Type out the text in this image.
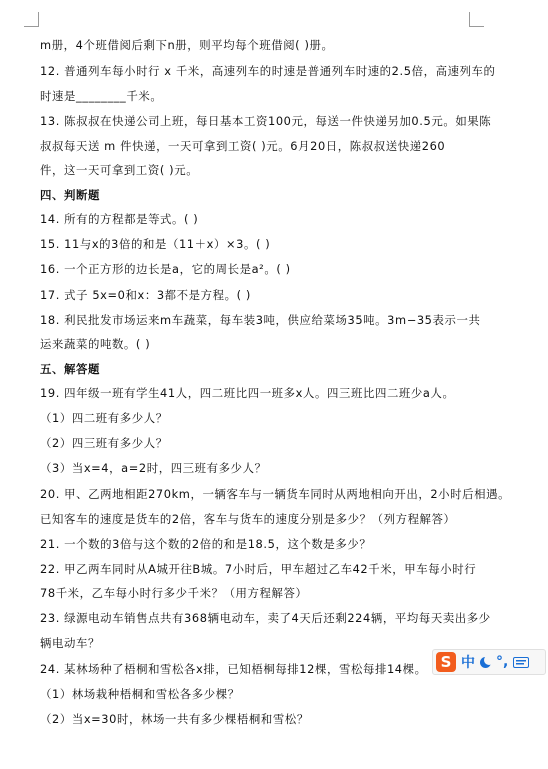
m册，4个班借阅后剩下n册，则平均每个班借阅( )册。
12. 普通列车每小时行 x 千米，高速列车的时速是普通列车时速的2.5倍，高速列车的
时速是________千米。
13. 陈叔叔在快递公司上班，每日基本工资100元，每送一件快递另加0.5元。如果陈
叔叔每天送 m 件快递，一天可拿到工资( )元。6月20日，陈叔叔送快递260
件，这一天可拿到工资( )元。
四、判断题
14. 所有的方程都是等式。( )
15. 11与x的3倍的和是（11＋x）×3。( )
16. 一个正方形的边长是a，它的周长是a²。( )
17. 式子 5x=0和x：3都不是方程。( )
18. 利民批发市场运来m车蔬菜，每车装3吨，供应给菜场35吨。3m−35表示一共
运来蔬菜的吨数。( )
五、解答题
19. 四年级一班有学生41人，四二班比四一班多x人。四三班比四二班少a人。
（1）四二班有多少人？
（2）四三班有多少人？
（3）当x=4，a=2时，四三班有多少人？
20. 甲、乙两地相距270km，一辆客车与一辆货车同时从两地相向开出，2小时后相遇。
已知客车的速度是货车的2倍，客车与货车的速度分别是多少？（列方程解答）
21. 一个数的3倍与这个数的2倍的和是18.5，这个数是多少？
22. 甲乙两车同时从A城开往B城。7小时后，甲车超过乙车42千米，甲车每小时行
78千米，乙车每小时行多少千米？（用方程解答）
23. 绿源电动车销售点共有368辆电动车，卖了4天后还剩224辆，平均每天卖出多少
辆电动车？
24. 某林场种了梧桐和雪松各x排，已知梧桐每排12棵，雪松每排14棵。
（1）林场栽种梧桐和雪松各多少棵？
（2）当x=30时，林场一共有多少棵梧桐和雪松？
S 中 °,
